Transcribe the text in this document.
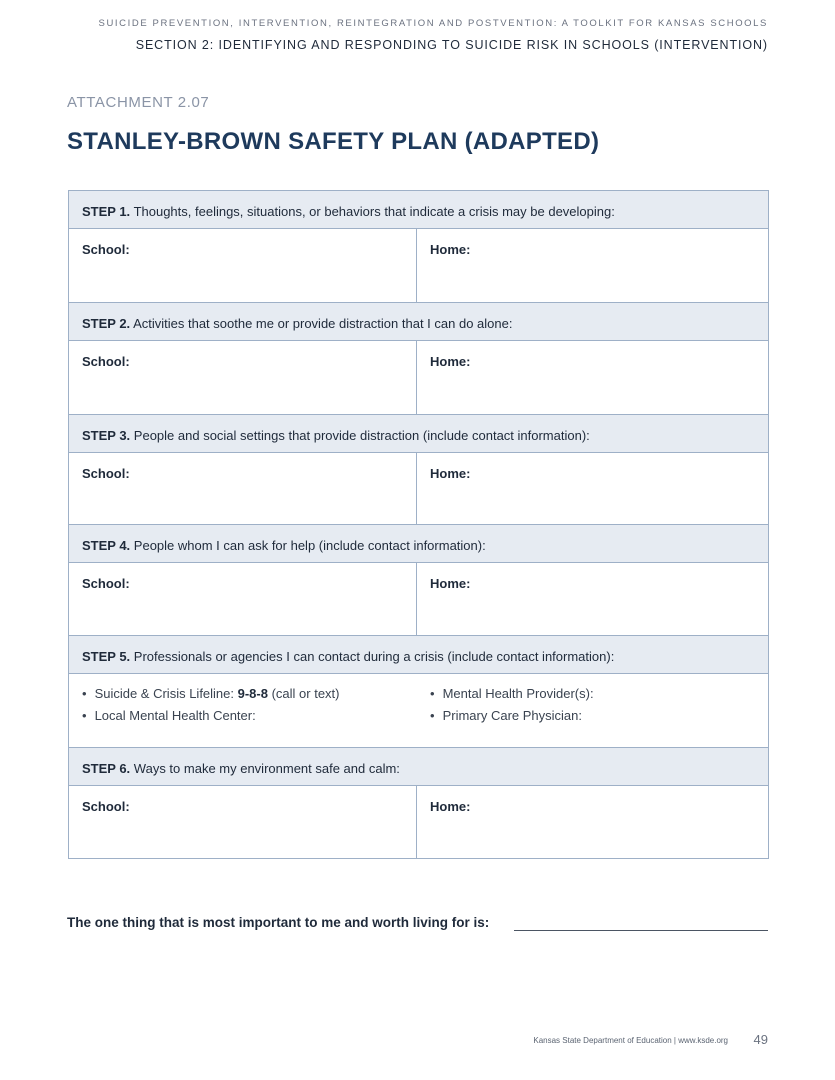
SUICIDE PREVENTION, INTERVENTION, REINTEGRATION AND POSTVENTION: A TOOLKIT FOR KANSAS SCHOOLS
SECTION 2: IDENTIFYING AND RESPONDING TO SUICIDE RISK IN SCHOOLS (INTERVENTION)
ATTACHMENT 2.07
STANLEY-BROWN SAFETY PLAN (ADAPTED)
STEP 1. Thoughts, feelings, situations, or behaviors that indicate a crisis may be developing:
School:	Home:
STEP 2. Activities that soothe me or provide distraction that I can do alone:
School:	Home:
STEP 3. People and social settings that provide distraction (include contact information):
School:	Home:
STEP 4. People whom I can ask for help (include contact information):
School:	Home:
STEP 5. Professionals or agencies I can contact during a crisis (include contact information):
• Suicide & Crisis Lifeline: 9-8-8 (call or text)
• Local Mental Health Center:
• Mental Health Provider(s):
• Primary Care Physician:
STEP 6. Ways to make my environment safe and calm:
School:	Home:
The one thing that is most important to me and worth living for is:
Kansas State Department of Education | www.ksde.org 49
